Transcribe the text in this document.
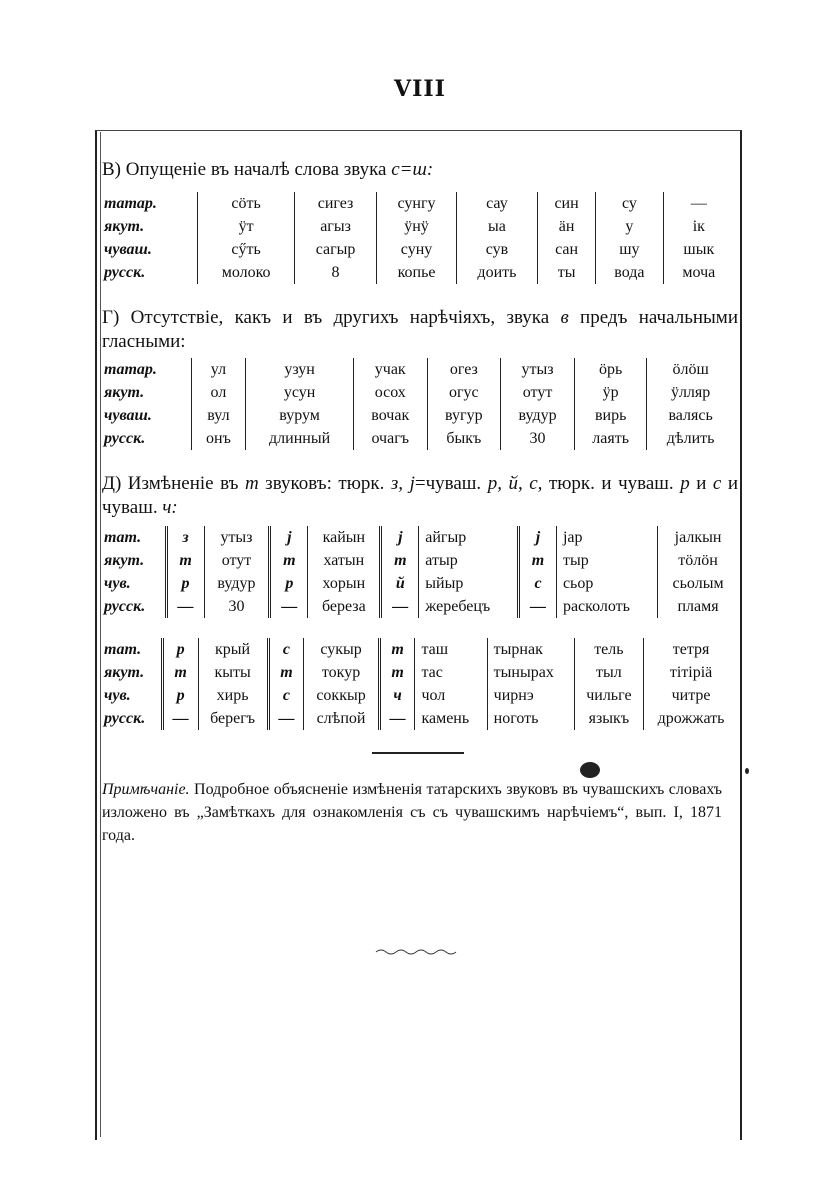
VIII
В) Опущеніе въ началѣ слова звука с=ш:
татар.	сöть	сигез	сунгу	сау	син	су	—
якут.	ӱт	агыз	ӱнӱ	ыа	ӓн	у	ік
чуваш.	сӳть	сагыр	суну	сув	сан	шу	шык
русск.	молоко	8	копье	доить	ты	вода	моча
Г) Отсутствіе, какъ и въ другихъ нарѣчіяхъ, звука в предъ начальными гласными:
татар.	ул	узун	учак	огез	утыз	öрь	öлöш
якут.	ол	усун	осох	огус	отут	ӱр	ӱлляр
чуваш.	вул	вурум	вочак	вугур	вудур	вирь	валясь
русск.	онъ	длинный	очагъ	быкъ	30	лаять	дѣлить
Д) Измѣненіе въ т звуковъ: тюрк. з, j=чуваш. р, й, с, тюрк. и чуваш. р и с и чуваш. ч:
тат.	з	утыз	j	кайын	j	айгыр	j	jар	jалкын
якут.	т	отут	т	хатын	т	атыр	т	тыр	тöлöн
чув.	р	вудур	р	хорын	й	ыйыр	с	сьор	сьолым
русск.	—	30	—	береза	—	жеребецъ	—	расколоть	пламя
тат.	р	крый	с	сукыр	т	таш	тырнак	тель	тетря
якут.	т	кыты	т	токур	т	тас	тынырах	тыл	тітіріä
чув.	р	хирь	с	соккыр	ч	чол	чирнэ	чильге	читре
русск.	—	берегъ	—	слѣпой	—	камень	ноготь	языкъ	дрожжать
Примѣчаніе. Подробное объясненіе измѣненія татарскихъ звуковъ въ чувашскихъ словахъ изложено въ „Замѣткахъ для ознакомленія съ съ чувашскимъ нарѣчіемъ“, вып. I, 1871 года.
